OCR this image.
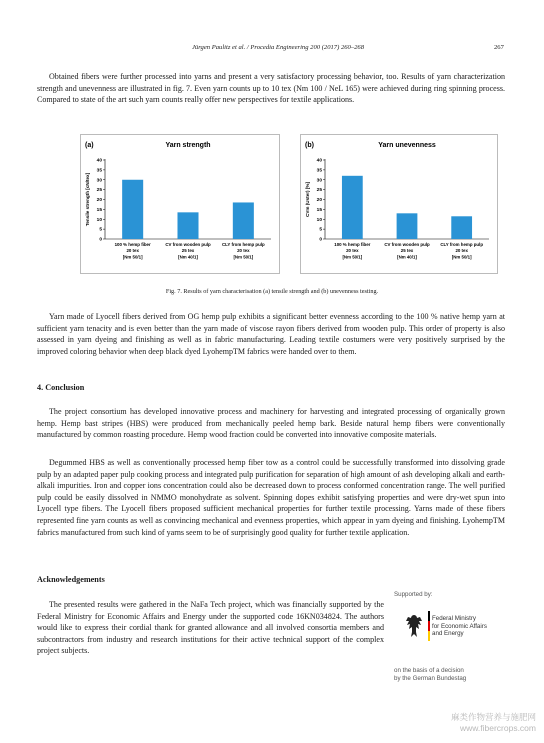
Jürgen Paulitz et al. / Procedia Engineering 200 (2017) 260–268	267

Obtained fibers were further processed into yarns and present a very satisfactory processing behavior, too. Results of yarn characterization strength and unevenness are illustrated in fig. 7. Even yarn counts up to 10 tex (Nm 100 / NeL 165) were achieved during ring spinning process. Compared to state of the art such yarn counts really offer new perspectives for textile applications.

(a)	Yarn strength
Tensile strength [cN/tex]
0
5
10
15
20
25
30
35
40
100 % hemp fiber
20 tex
[Nm 50/1]
CV from wooden pulp
25 tex
[Nm 40/1]
CLY from hemp pulp
20 tex
[Nm 50/1]
(b)	Yarn unevenness
CVm (Uster) [%]
0
5
10
15
20
25
30
35
40
100 % hemp fiber
20 tex
[Nm 50/1]
CV from wooden pulp
25 tex
[Nm 40/1]
CLY from hemp pulp
20 tex
[Nm 50/1]
Fig. 7. Results of yarn characterisation (a) tensile strength and (b) unevenness testing.

Yarn made of Lyocell fibers derived from OG hemp pulp exhibits a significant better evenness according to the 100 % native hemp yarn at sufficient yarn tenacity and is even better than the yarn made of viscose rayon fibers derived from wooden pulp. This order of property is also assessed in yarn dyeing and finishing as well as in fabric manufacturing. Leading textile costumers were very positively surprised by the improved coloring behavior when deep black dyed LyohempTM fabrics were handed over to them.

4. Conclusion

The project consortium has developed innovative process and machinery for harvesting and integrated processing of organically grown hemp. Hemp bast stripes (HBS) were produced from mechanically peeled hemp bark. Beside natural hemp fibers were conventionally manufactured by common roasting procedure. Hemp wood fraction could be converted into innovative composite materials.

Degummed HBS as well as conventionally processed hemp fiber tow as a control could be successfully transformed into dissolving grade pulp by an adapted paper pulp cooking process and integrated pulp purification for separation of high amount of ash developing alkali and earth-alkali impurities. Iron and copper ions concentration could also be decreased down to process conformed concentration range. The well purified pulp could be easily dissolved in NMMO monohydrate as solvent. Spinning dopes exhibit satisfying properties and were dry-wet spun into Lyocell type fibers. The Lyocell fibers proposed sufficient mechanical properties for further textile processing. Yarns made of these fibers represented fine yarn counts as well as convincing mechanical and evenness properties, which appear in yarn dyeing and finishing. LyohempTM fabrics manufactured from such kind of yarns seem to be of surprisingly good quality for further textile application.

Acknowledgements

The presented results were gathered in the NaFa Tech project, which was financially supported by the Federal Ministry for Economic Affairs and Energy under the supported code 16KN034824. The authors would like to express their cordial thank for granted allowance and all involved consortia members and subcontractors from industry and research institutions for their active technical support of the complex project subjects.

Supported by:
Federal Ministry
for Economic Affairs
and Energy
on the basis of a decision
by the German Bundestag
麻类作物营养与施肥网
www.fibercrops.com
